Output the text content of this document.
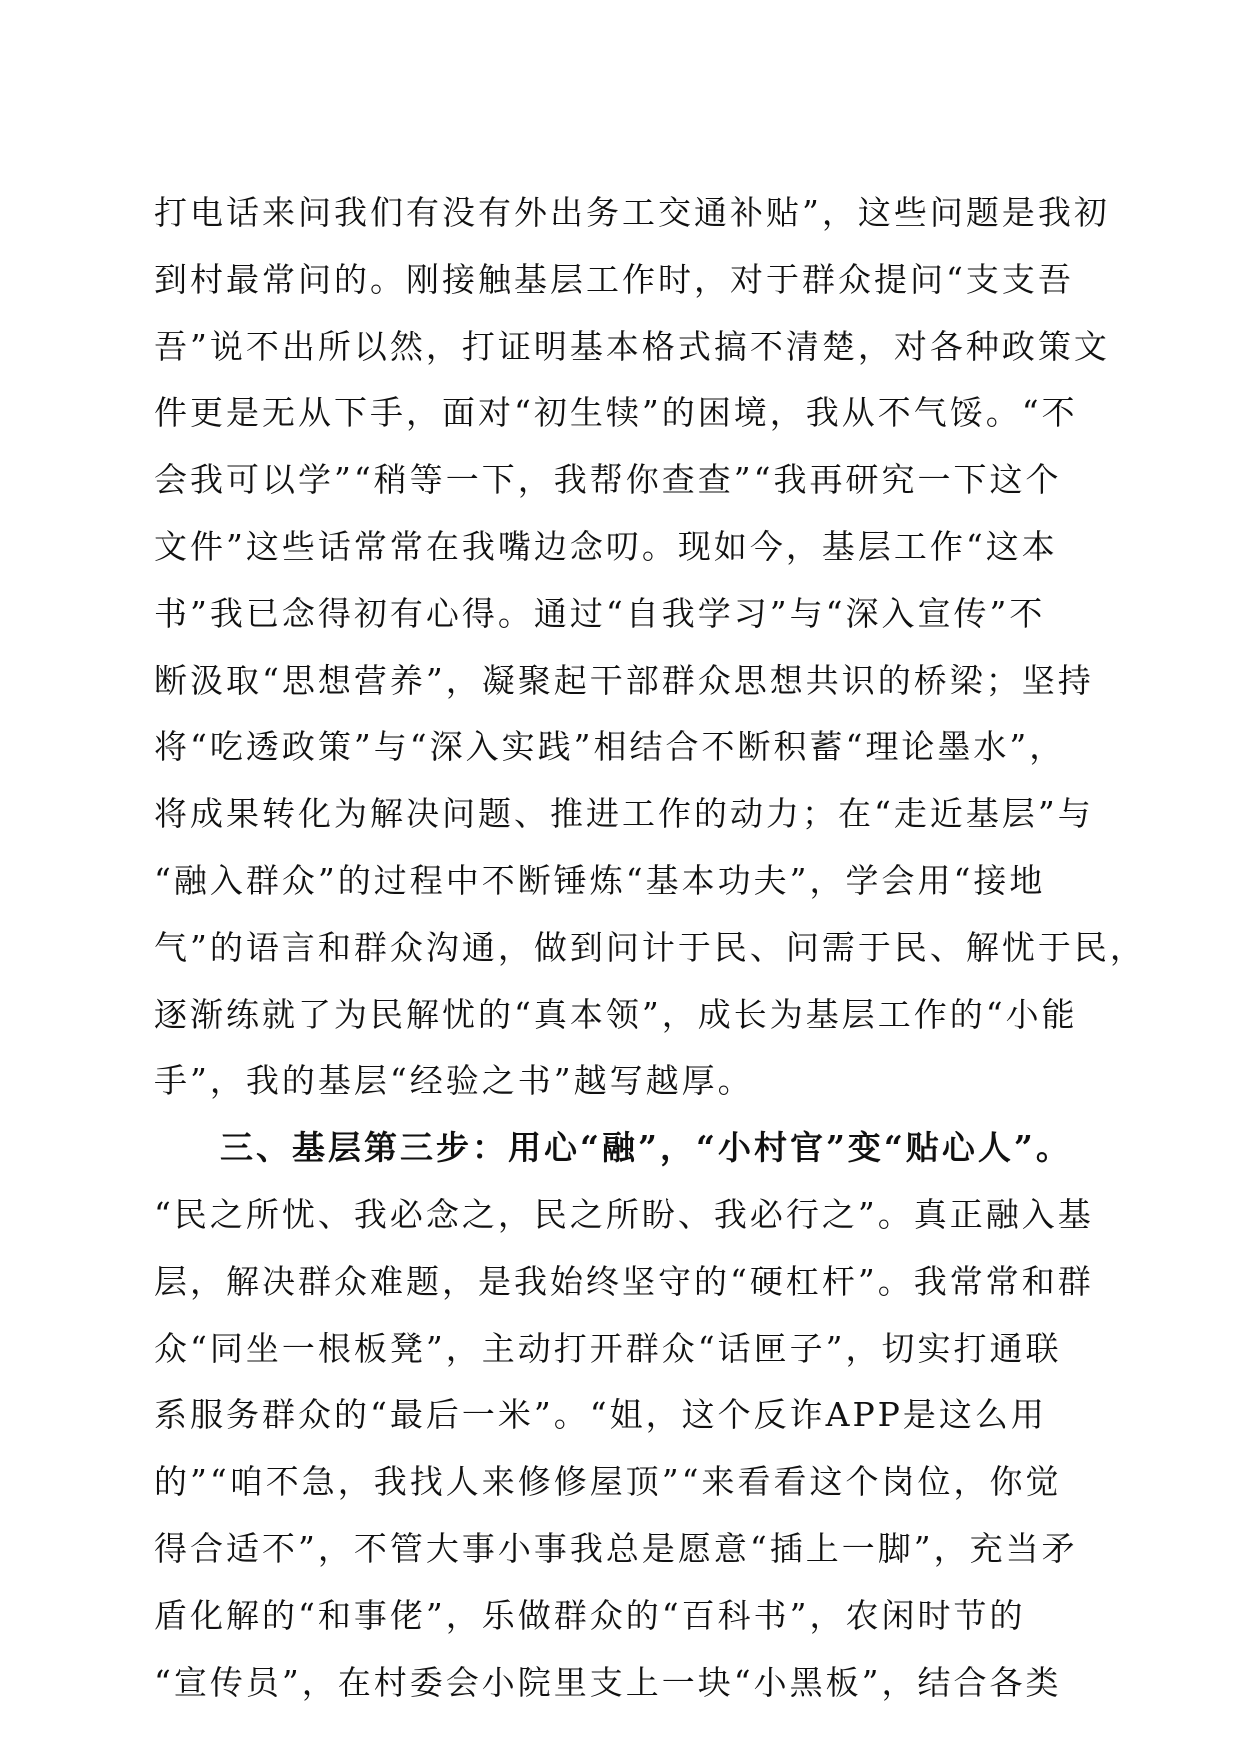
打电话来问我们有没有外出务工交通补贴”，这些问题是我初
到村最常问的。刚接触基层工作时，对于群众提问“支支吾
吾”说不出所以然，打证明基本格式搞不清楚，对各种政策文
件更是无从下手，面对“初生犊”的困境，我从不气馁。“不
会我可以学”“稍等一下，我帮你查查”“我再研究一下这个
文件”这些话常常在我嘴边念叨。现如今，基层工作“这本
书”我已念得初有心得。通过“自我学习”与“深入宣传”不
断汲取“思想营养”，凝聚起干部群众思想共识的桥梁；坚持
将“吃透政策”与“深入实践”相结合不断积蓄“理论墨水”，
将成果转化为解决问题、推进工作的动力；在“走近基层”与
“融入群众”的过程中不断锤炼“基本功夫”，学会用“接地
气”的语言和群众沟通，做到问计于民、问需于民、解忧于民，
逐渐练就了为民解忧的“真本领”，成长为基层工作的“小能
手”，我的基层“经验之书”越写越厚。
三、基层第三步：用心“融”，“小村官”变“贴心人”。
“民之所忧、我必念之，民之所盼、我必行之”。真正融入基
层，解决群众难题，是我始终坚守的“硬杠杆”。我常常和群
众“同坐一根板凳”，主动打开群众“话匣子”，切实打通联
系服务群众的“最后一米”。“姐，这个反诈APP是这么用
的”“咱不急，我找人来修修屋顶”“来看看这个岗位，你觉
得合适不”，不管大事小事我总是愿意“插上一脚”，充当矛
盾化解的“和事佬”，乐做群众的“百科书”，农闲时节的
“宣传员”，在村委会小院里支上一块“小黑板”，结合各类
